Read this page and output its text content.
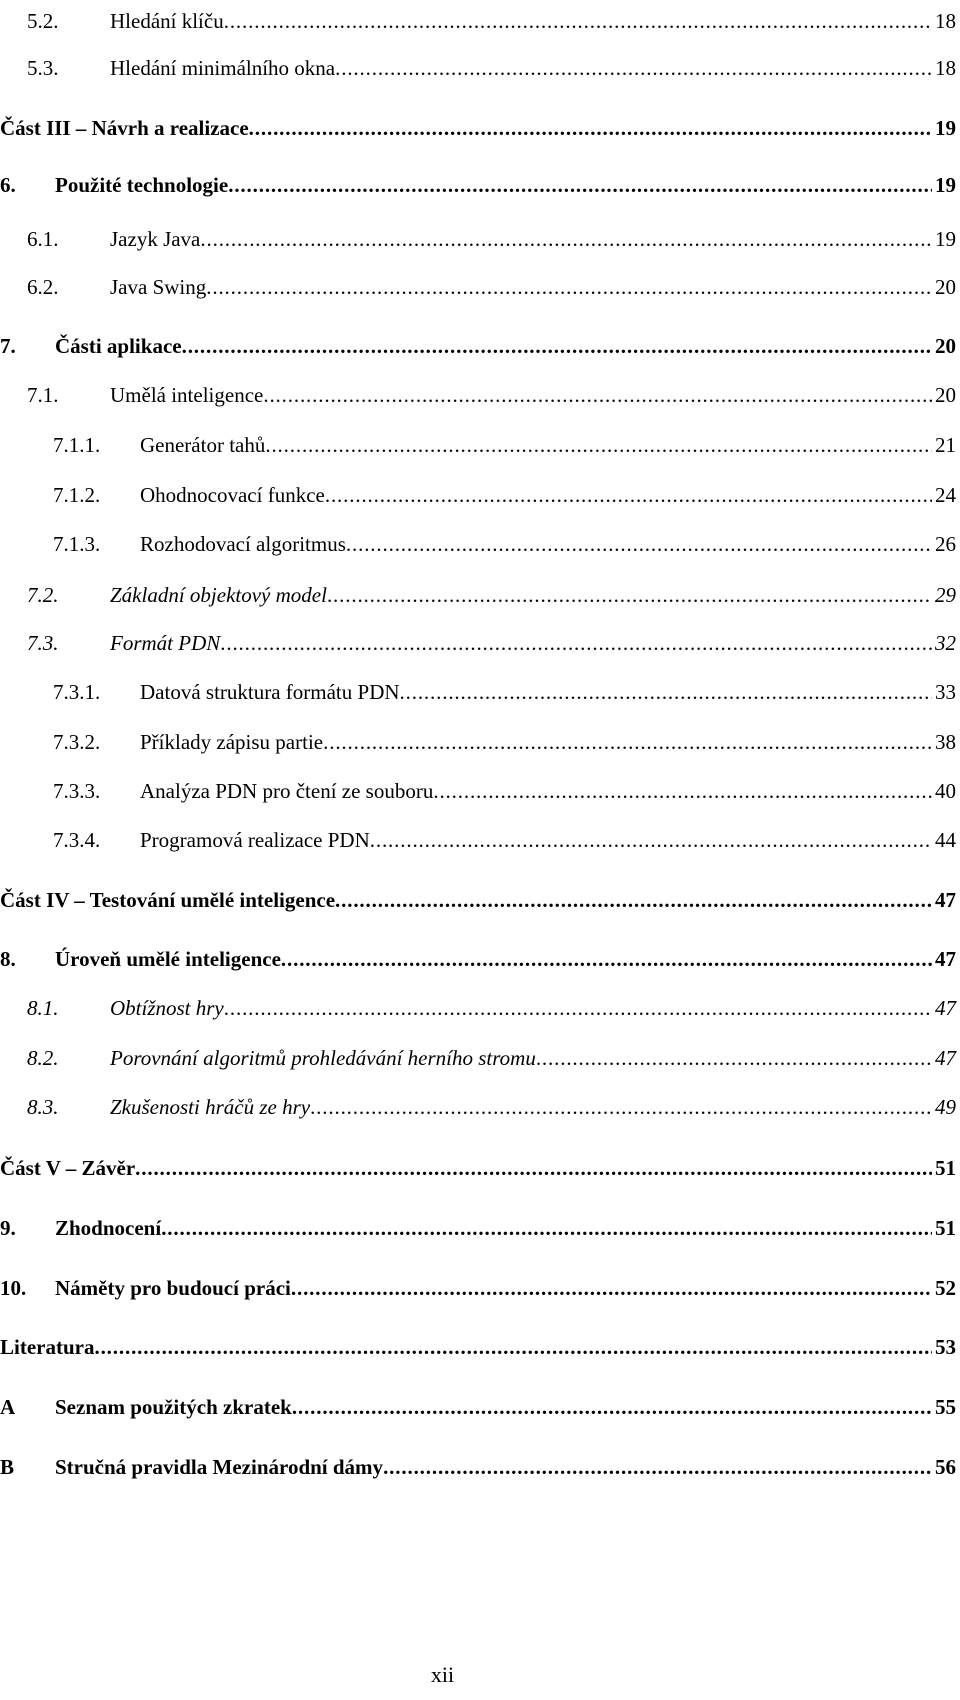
5.2. Hledání klíču . . .	18
5.3. Hledání minimálního okna . . .	18
Část III – Návrh a realizace . . .	19
6. Použité technologie . . .	19
6.1. Jazyk Java . . .	19
6.2. Java Swing . . .	20
7. Části aplikace . . .	20
7.1. Umělá inteligence . . .	20
7.1.1. Generátor tahů . . .	21
7.1.2. Ohodnocovací funkce . . .	24
7.1.3. Rozhodovací algoritmus . . .	26
7.2. Základní objektový model . . .	29
7.3. Formát PDN . . .	32
7.3.1. Datová struktura formátu PDN . . .	33
7.3.2. Příklady zápisu partie . . .	38
7.3.3. Analýza PDN pro čtení ze souboru . . .	40
7.3.4. Programová realizace PDN . . .	44
Část IV – Testování umělé inteligence . . .	47
8. Úroveň umělé inteligence . . .	47
8.1. Obtížnost hry . . .	47
8.2. Porovnání algoritmů prohledávání herního stromu . . .	47
8.3. Zkušenosti hráčů ze hry . . .	49
Část V – Závěr . . .	51
9. Zhodnocení . . .	51
10. Náměty pro budoucí práci . . .	52
Literatura . . .	53
A Seznam použitých zkratek . . .	55
B Stručná pravidla Mezinárodní dámy . . .	56
xii
